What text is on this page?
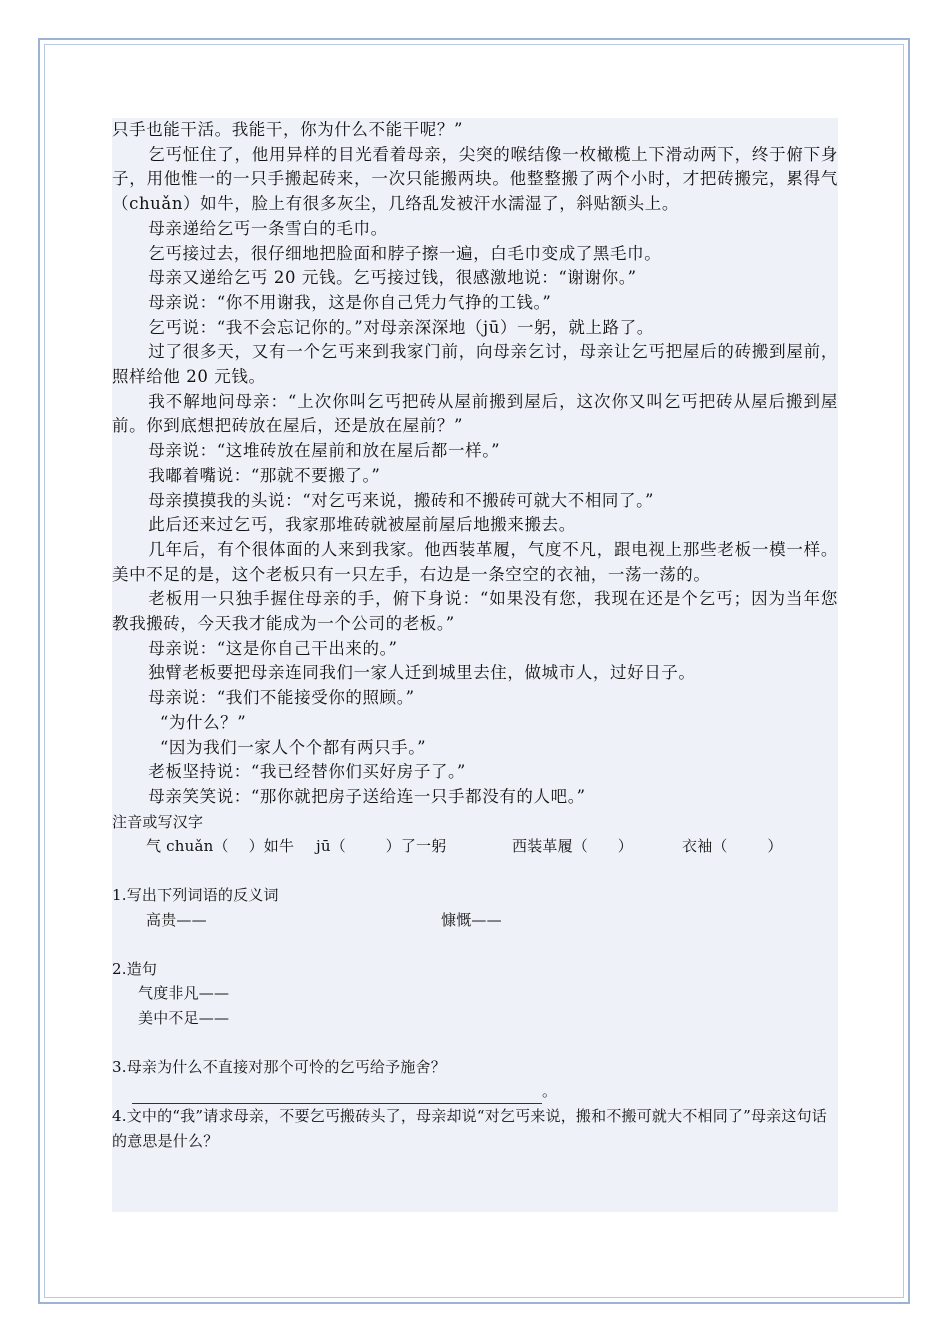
只手也能干活。我能干，你为什么不能干呢？”

乞丐怔住了，他用异样的目光看着母亲，尖突的喉结像一枚橄榄上下滑动两下，终于俯下身子，用他惟一的一只手搬起砖来，一次只能搬两块。他整整搬了两个小时，才把砖搬完，累得气（chuǎn）如牛，脸上有很多灰尘，几络乱发被汗水濡湿了，斜贴额头上。

母亲递给乞丐一条雪白的毛巾。

乞丐接过去，很仔细地把脸面和脖子擦一遍，白毛巾变成了黑毛巾。

母亲又递给乞丐 20 元钱。乞丐接过钱，很感激地说：“谢谢你。”

母亲说：“你不用谢我，这是你自己凭力气挣的工钱。”

乞丐说：“我不会忘记你的。”对母亲深深地（jū）一躬，就上路了。

过了很多天，又有一个乞丐来到我家门前，向母亲乞讨，母亲让乞丐把屋后的砖搬到屋前，照样给他 20 元钱。

我不解地问母亲：“上次你叫乞丐把砖从屋前搬到屋后，这次你又叫乞丐把砖从屋后搬到屋前。你到底想把砖放在屋后，还是放在屋前？”

母亲说：“这堆砖放在屋前和放在屋后都一样。”

我嘟着嘴说：“那就不要搬了。”

母亲摸摸我的头说：“对乞丐来说，搬砖和不搬砖可就大不相同了。”

此后还来过乞丐，我家那堆砖就被屋前屋后地搬来搬去。

几年后，有个很体面的人来到我家。他西装革履，气度不凡，跟电视上那些老板一模一样。美中不足的是，这个老板只有一只左手，右边是一条空空的衣袖，一荡一荡的。

老板用一只独手握住母亲的手，俯下身说：“如果没有您，我现在还是个乞丐；因为当年您教我搬砖，今天我才能成为一个公司的老板。”

母亲说：“这是你自己干出来的。”

独臂老板要把母亲连同我们一家人迁到城里去住，做城市人，过好日子。

母亲说：“我们不能接受你的照顾。”

“为什么？”

“因为我们一家人个个都有两只手。”

老板坚持说：“我已经替你们买好房子了。”

母亲笑笑说：“那你就把房子送给连一只手都没有的人吧。”

注音或写汉字
气 chuǎn（    ）如牛	jū（        ）了一躬	西装革履（      ）	衣袖（        ）
1.写出下列词语的反义词
高贵——	慷慨——
2.造句
气度非凡——
美中不足——
3.母亲为什么不直接对那个可怜的乞丐给予施舍？
。
4.文中的“我”请求母亲，不要乞丐搬砖头了，母亲却说“对乞丐来说，搬和不搬可就大不相同了”母亲这句话的意思是什么？
